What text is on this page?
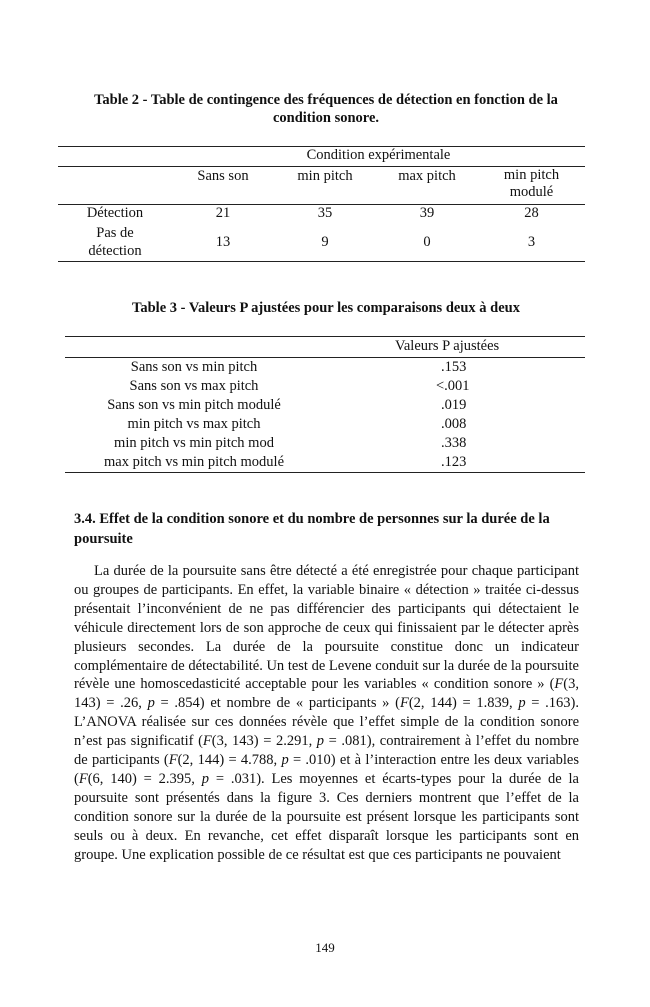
Table 2 - Table de contingence des fréquences de détection en fonction de la condition sonore.
	Condition expérimentale			
	Sans son	min pitch	max pitch	min pitch modulé
Détection	21	35	39	28
Pas de détection	13	9	0	3
Table 3 - Valeurs P ajustées pour les comparaisons deux à deux
	Valeurs P ajustées
Sans son vs min pitch	.153
Sans son vs max pitch	<.001
Sans son vs min pitch modulé	.019
min pitch vs max pitch	.008
min pitch vs min pitch mod	.338
max pitch vs min pitch modulé	.123
3.4. Effet de la condition sonore et du nombre de personnes sur la durée de la poursuite

La durée de la poursuite sans être détecté a été enregistrée pour chaque participant ou groupes de participants. En effet, la variable binaire « détection » traitée ci-dessus présentait l’inconvénient de ne pas différencier des participants qui détectaient le véhicule directement lors de son approche de ceux qui finissaient par le détecter après plusieurs secondes. La durée de la poursuite constitue donc un indicateur complémentaire de détectabilité. Un test de Levene conduit sur la durée de la poursuite révèle une homoscedasticité acceptable pour les variables « condition sonore » (F(3, 143) = .26, p = .854) et nombre de « participants » (F(2, 144) = 1.839, p = .163). L’ANOVA réalisée sur ces données révèle que l’effet simple de la condition sonore n’est pas significatif (F(3, 143) = 2.291, p = .081), contrairement à l’effet du nombre de participants (F(2, 144) = 4.788, p = .010) et à l’interaction entre les deux variables (F(6, 140) = 2.395, p = .031). Les moyennes et écarts-types pour la durée de la poursuite sont présentés dans la figure 3. Ces derniers montrent que l’effet de la condition sonore sur la durée de la poursuite est présent lorsque les participants sont seuls ou à deux. En revanche, cet effet disparaît lorsque les participants sont en groupe. Une explication possible de ce résultat est que ces participants ne pouvaient

149
